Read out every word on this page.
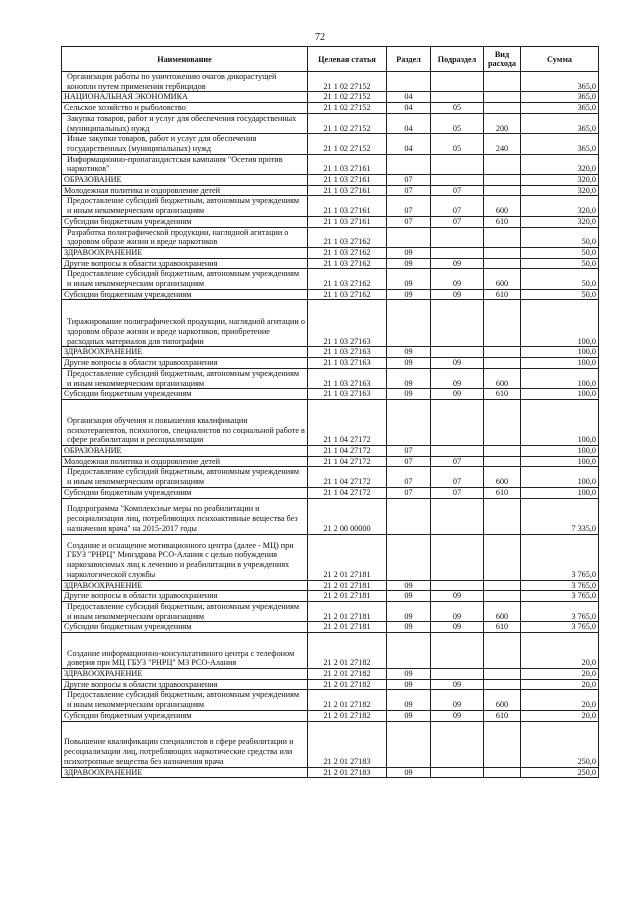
72
Наименование	Целевая статья	Раздел	Подраздел	Вид расхода	Сумма
Организация работы по уничтожению очагов дикорастущей конопли путем применения гербицидов	21 1 02 27152				365,0
НАЦИОНАЛЬНАЯ ЭКОНОМИКА	21 1 02 27152	04			365,0
Сельское хозяйство и рыболовство	21 1 02 27152	04	05		365,0
Закупка товаров, работ и услуг для обеспечения государственных (муниципальных) нужд	21 1 02 27152	04	05	200	365,0
Иные закупки товаров, работ и услуг для обеспечения государственных (муниципальных) нужд	21 1 02 27152	04	05	240	365,0
Информационно-пропагандистская кампания "Осетия против наркотиков"	21 1 03 27161				320,0
ОБРАЗОВАНИЕ	21 1 03 27161	07			320,0
Молодежная политика и оздоровление детей	21 1 03 27161	07	07		320,0
Предоставление субсидий бюджетным, автономным учреждениям и иным некоммерческим организациям	21 1 03 27161	07	07	600	320,0
Субсидии бюджетным учреждениям	21 1 03 27161	07	07	610	320,0
Разработка полиграфической продукции, наглядной агитации о здоровом образе жизни и вреде наркотиков	21 1 03 27162				50,0
ЗДРАВООХРАНЕНИЕ	21 1 03 27162	09			50,0
Другие вопросы в области здравоохранения	21 1 03 27162	09	09		50,0
Предоставление субсидий бюджетным, автономным учреждениям и иным некоммерческим организациям	21 1 03 27162	09	09	600	50,0
Субсидии бюджетным учреждениям	21 1 03 27162	09	09	610	50,0
Тиражирование полиграфической продукции, наглядной агитации о здоровом образе жизни и вреде наркотиков, приобретение расходных материалов для типографии	21 1 03 27163				100,0
ЗДРАВООХРАНЕНИЕ	21 1 03 27163	09			100,0
Другие вопросы в области здравоохранения	21 1 03 27163	09	09		100,0
Предоставление субсидий бюджетным, автономным учреждениям и иным некоммерческим организациям	21 1 03 27163	09	09	600	100,0
Субсидии бюджетным учреждениям	21 1 03 27163	09	09	610	100,0
Организация обучения и повышения квалификации психотерапевтов, психологов, специалистов по социальной работе в сфере реабилитации и ресоциализации	21 1 04 27172				100,0
ОБРАЗОВАНИЕ	21 1 04 27172	07			100,0
Молодежная политика и оздоровление детей	21 1 04 27172	07	07		100,0
Предоставление субсидий бюджетным, автономным учреждениям и иным некоммерческим организациям	21 1 04 27172	07	07	600	100,0
Субсидии бюджетным учреждениям	21 1 04 27172	07	07	610	100,0
Подпрограмма "Комплексные меры по реабилитации и ресоциализации лиц, потребляющих психоактивные вещества без назначения врача" на 2015-2017 годы	21 2 00 00000				7 335,0
Создание и оснащение мотивационного центра (далее - МЦ) при ГБУЗ "РНРЦ" Минздрава РСО-Алания с целью побуждения наркозависимых лиц к лечению и реабилитации в учреждениях наркологической службы	21 2 01 27181				3 765,0
ЗДРАВООХРАНЕНИЕ	21 2 01 27181	09			3 765,0
Другие вопросы в области здравоохранения	21 2 01 27181	09	09		3 765,0
Предоставление субсидий бюджетным, автономным учреждениям и иным некоммерческим организациям	21 2 01 27181	09	09	600	3 765,0
Субсидии бюджетным учреждениям	21 2 01 27181	09	09	610	3 765,0
Создание информационно-консультативного центра с телефоном доверия при МЦ ГБУЗ "РНРЦ" МЗ РСО-Алания	21 2 01 27182				20,0
ЗДРАВООХРАНЕНИЕ	21 2 01 27182	09			20,0
Другие вопросы в области здравоохранения	21 2 01 27182	09	09		20,0
Предоставление субсидий бюджетным, автономным учреждениям и иным некоммерческим организациям	21 2 01 27182	09	09	600	20,0
Субсидии бюджетным учреждениям	21 2 01 27182	09	09	610	20,0
Повышение квалификации специалистов в сфере реабилитации и ресоциализации лиц, потребляющих наркотические средства или психотропные вещества без назначения врача	21 2 01 27183				250,0
ЗДРАВООХРАНЕНИЕ	21 2 01 27183	09			250,0
